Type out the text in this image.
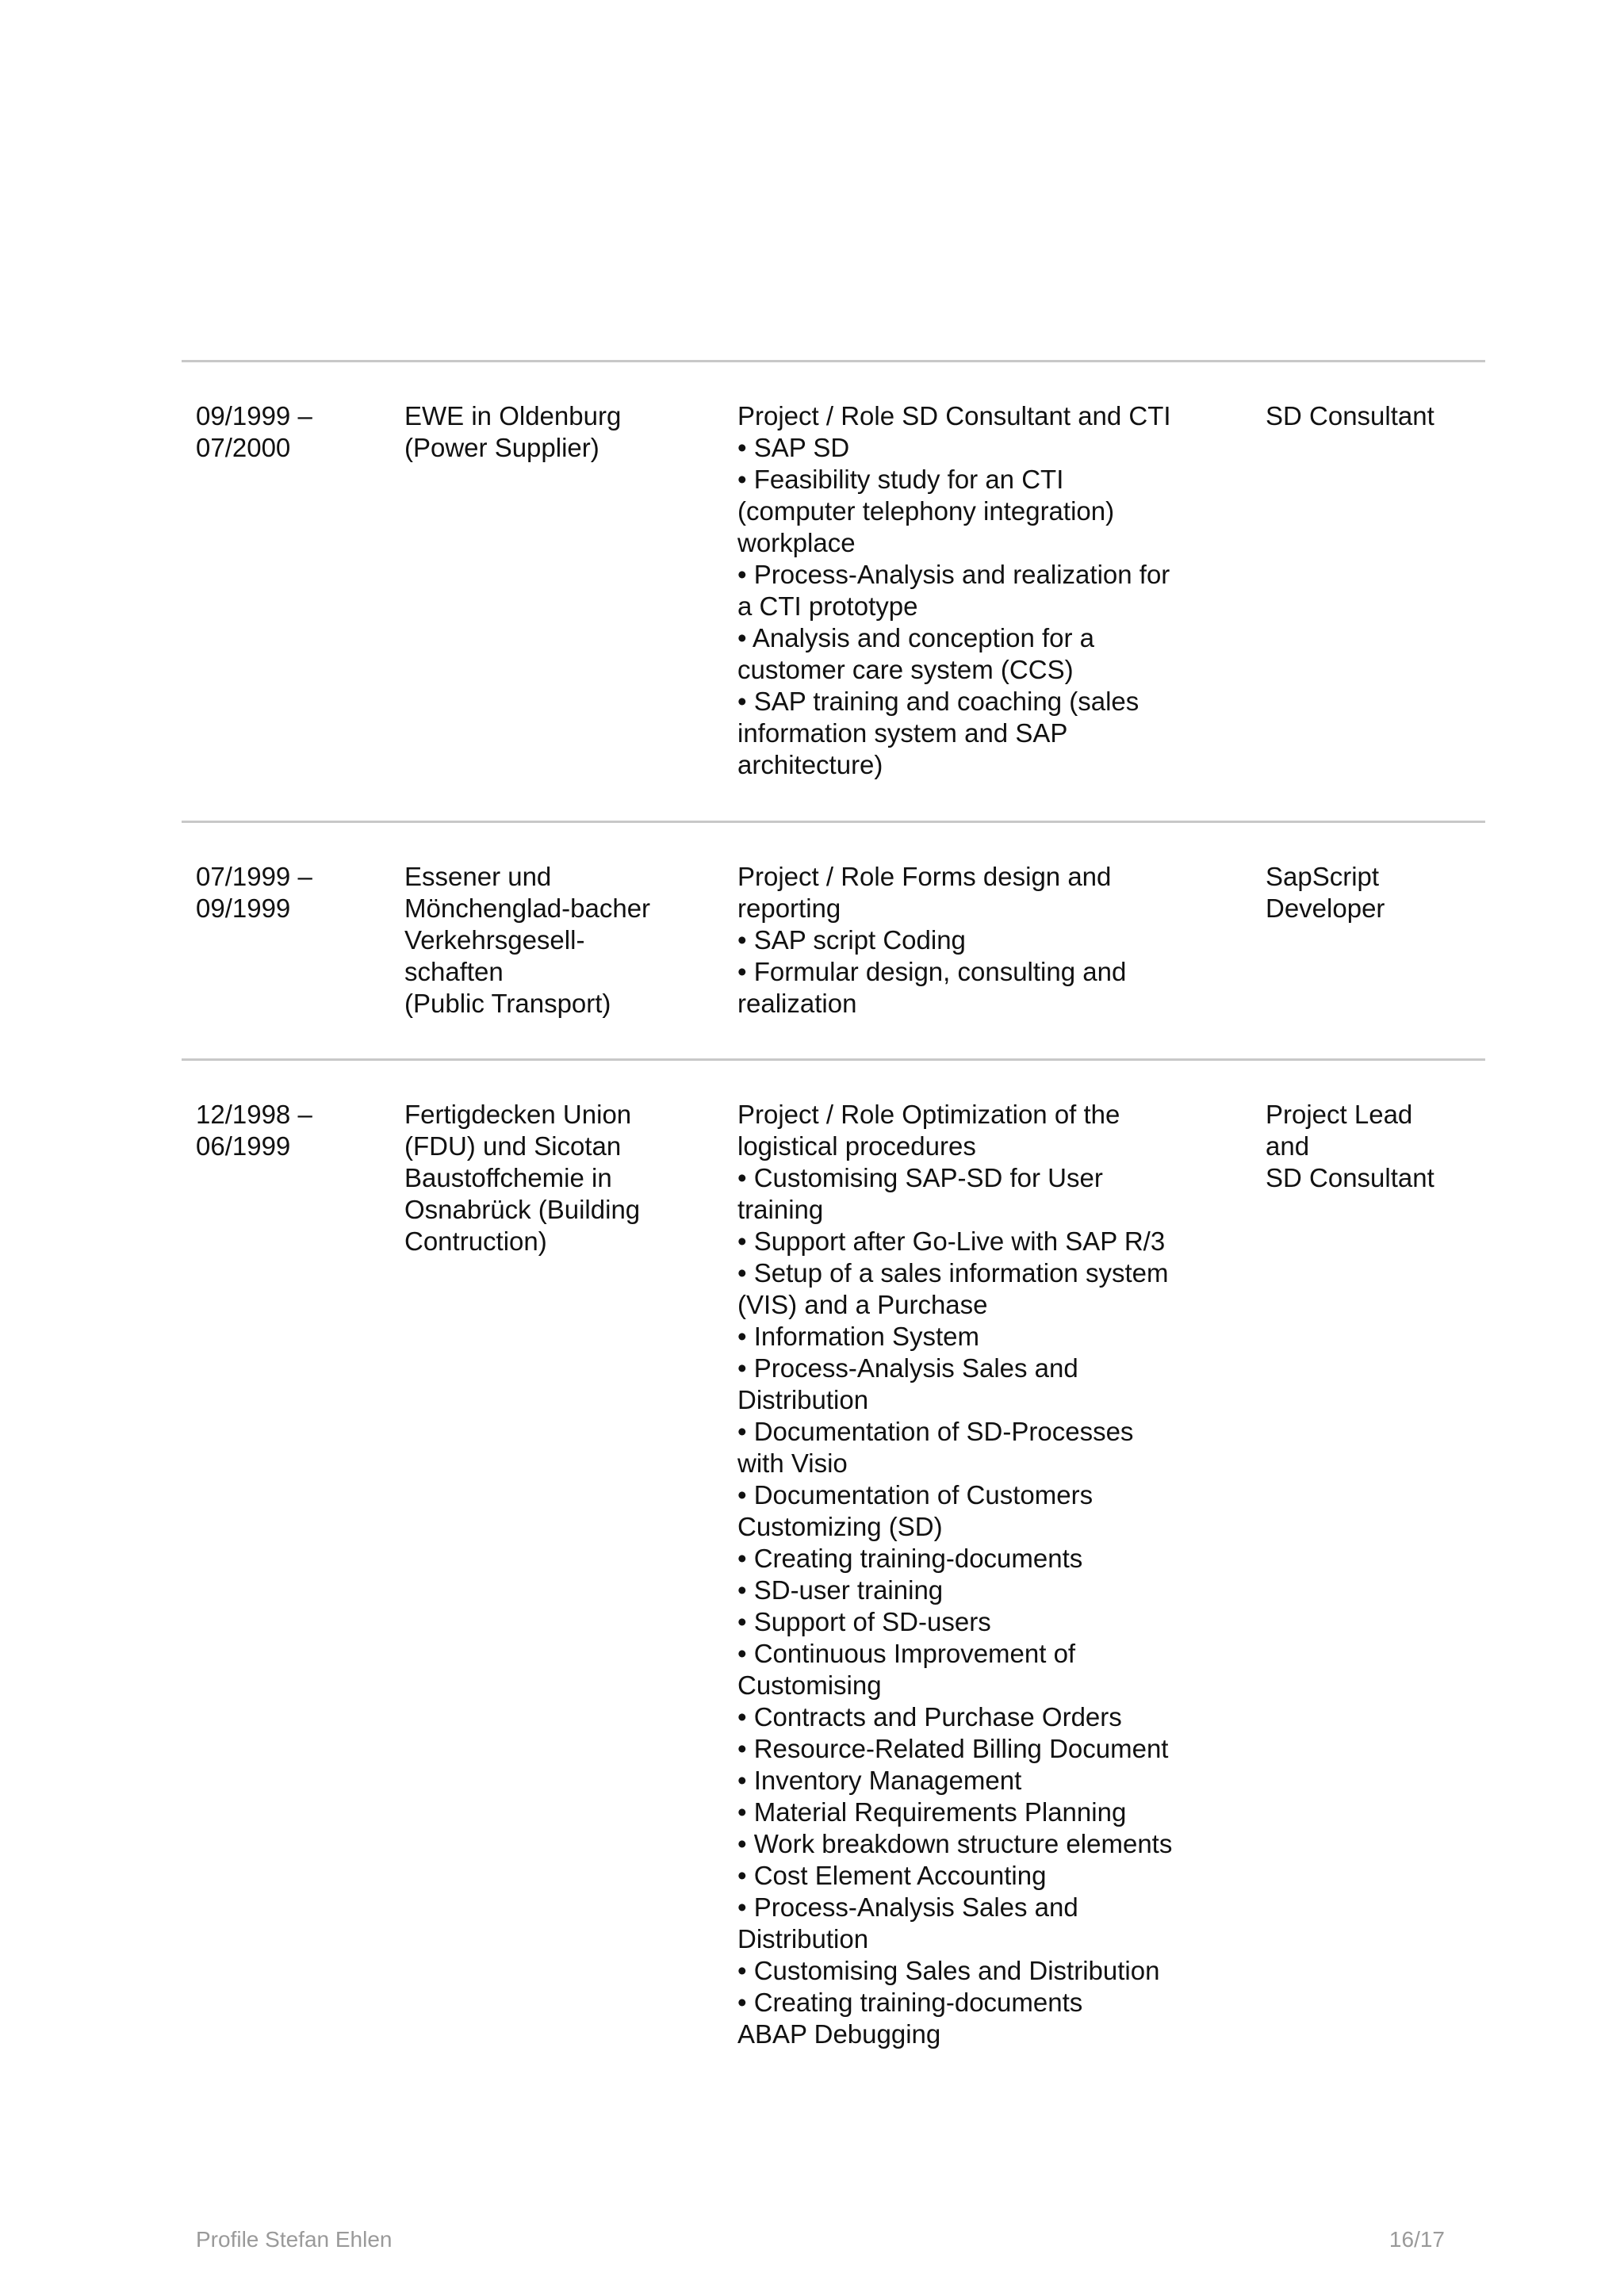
09/1999 –
07/2000
EWE in Oldenburg
(Power Supplier)
Project / Role SD Consultant and CTI
• SAP SD
• Feasibility study for an CTI
(computer telephony integration)
workplace
• Process-Analysis and realization for
a CTI prototype
• Analysis and conception for a
customer care system (CCS)
• SAP training and coaching (sales
information system and SAP
architecture)
SD Consultant
07/1999 –
09/1999
Essener und
Mönchenglad-bacher
Verkehrsgesell-
schaften
(Public Transport)
Project / Role Forms design and
reporting
• SAP script Coding
• Formular design, consulting and
realization
SapScript
Developer
12/1998 –
06/1999
Fertigdecken Union
(FDU) und Sicotan
Baustoffchemie in
Osnabrück (Building
Contruction)
Project / Role Optimization of the
logistical procedures
• Customising SAP-SD for User
training
• Support after Go-Live with SAP R/3
• Setup of a sales information system
(VIS) and a Purchase
• Information System
• Process-Analysis Sales and
Distribution
• Documentation of SD-Processes
with Visio
• Documentation of Customers
Customizing (SD)
• Creating training-documents
• SD-user training
• Support of SD-users
• Continuous Improvement of
Customising
• Contracts and Purchase Orders
• Resource-Related Billing Document
• Inventory Management
• Material Requirements Planning
• Work breakdown structure elements
• Cost Element Accounting
• Process-Analysis Sales and
Distribution
• Customising Sales and Distribution
• Creating training-documents
ABAP Debugging
Project Lead
and
SD Consultant
Profile Stefan Ehlen	16/17
